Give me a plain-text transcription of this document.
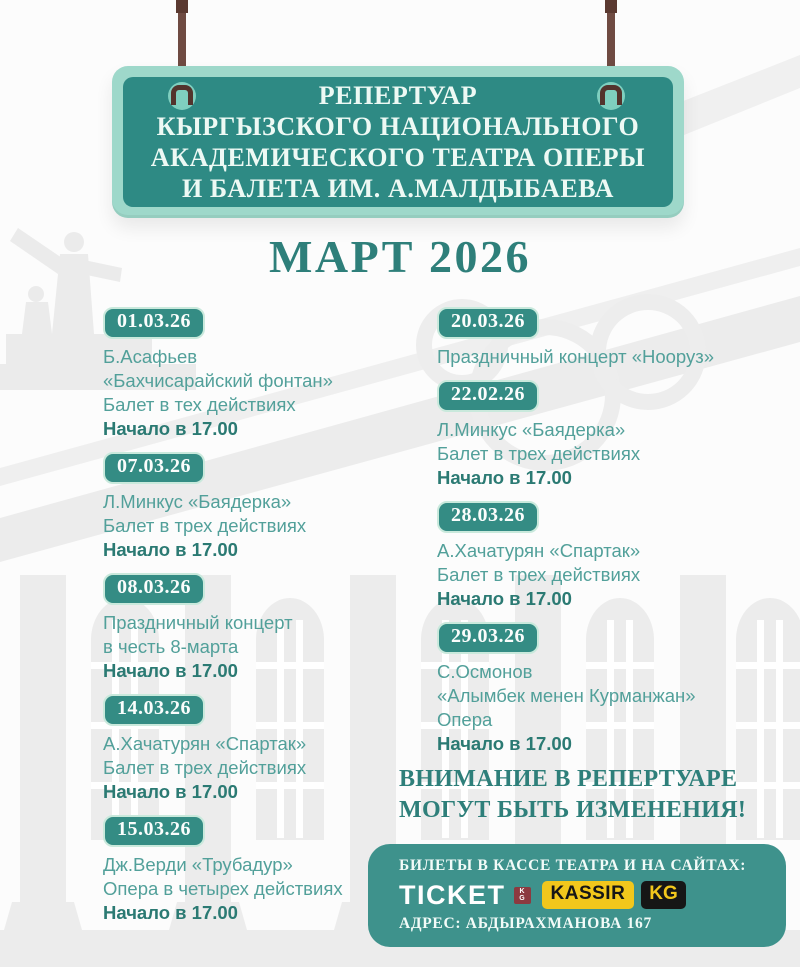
РЕПЕРТУАР
КЫРГЫЗСКОГО НАЦИОНАЛЬНОГО
АКАДЕМИЧЕСКОГО ТЕАТРА ОПЕРЫ
И БАЛЕТА ИМ. А.МАЛДЫБАЕВА
МАРТ 2026
01.03.26
Б.Асафьев
«Бахчисарайский фонтан»
Балет в тех действиях
Начало в 17.00
07.03.26
Л.Минкус «Баядерка»
Балет в трех действиях
Начало в 17.00
08.03.26
Праздничный концерт
в честь 8-марта
Начало в 17.00
14.03.26
А.Хачатурян «Спартак»
Балет в трех действиях
Начало в 17.00
15.03.26
Дж.Верди «Трубадур»
Опера в четырех действиях
Начало в 17.00
20.03.26
Праздничный концерт «Нооруз»
22.02.26
Л.Минкус «Баядерка»
Балет в трех действиях
Начало в 17.00
28.03.26
А.Хачатурян «Спартак»
Балет в трех действиях
Начало в 17.00
29.03.26
С.Осмонов
«Алымбек менен Курманжан»
Опера
Начало в 17.00
ВНИМАНИЕ В РЕПЕРТУАРЕ
МОГУТ БЫТЬ ИЗМЕНЕНИЯ!
БИЛЕТЫ В КАССЕ ТЕАТРА И НА САЙТАХ:
TICKET KG	KASSIR	KG
АДРЕС: АБДЫРАХМАНОВА 167
